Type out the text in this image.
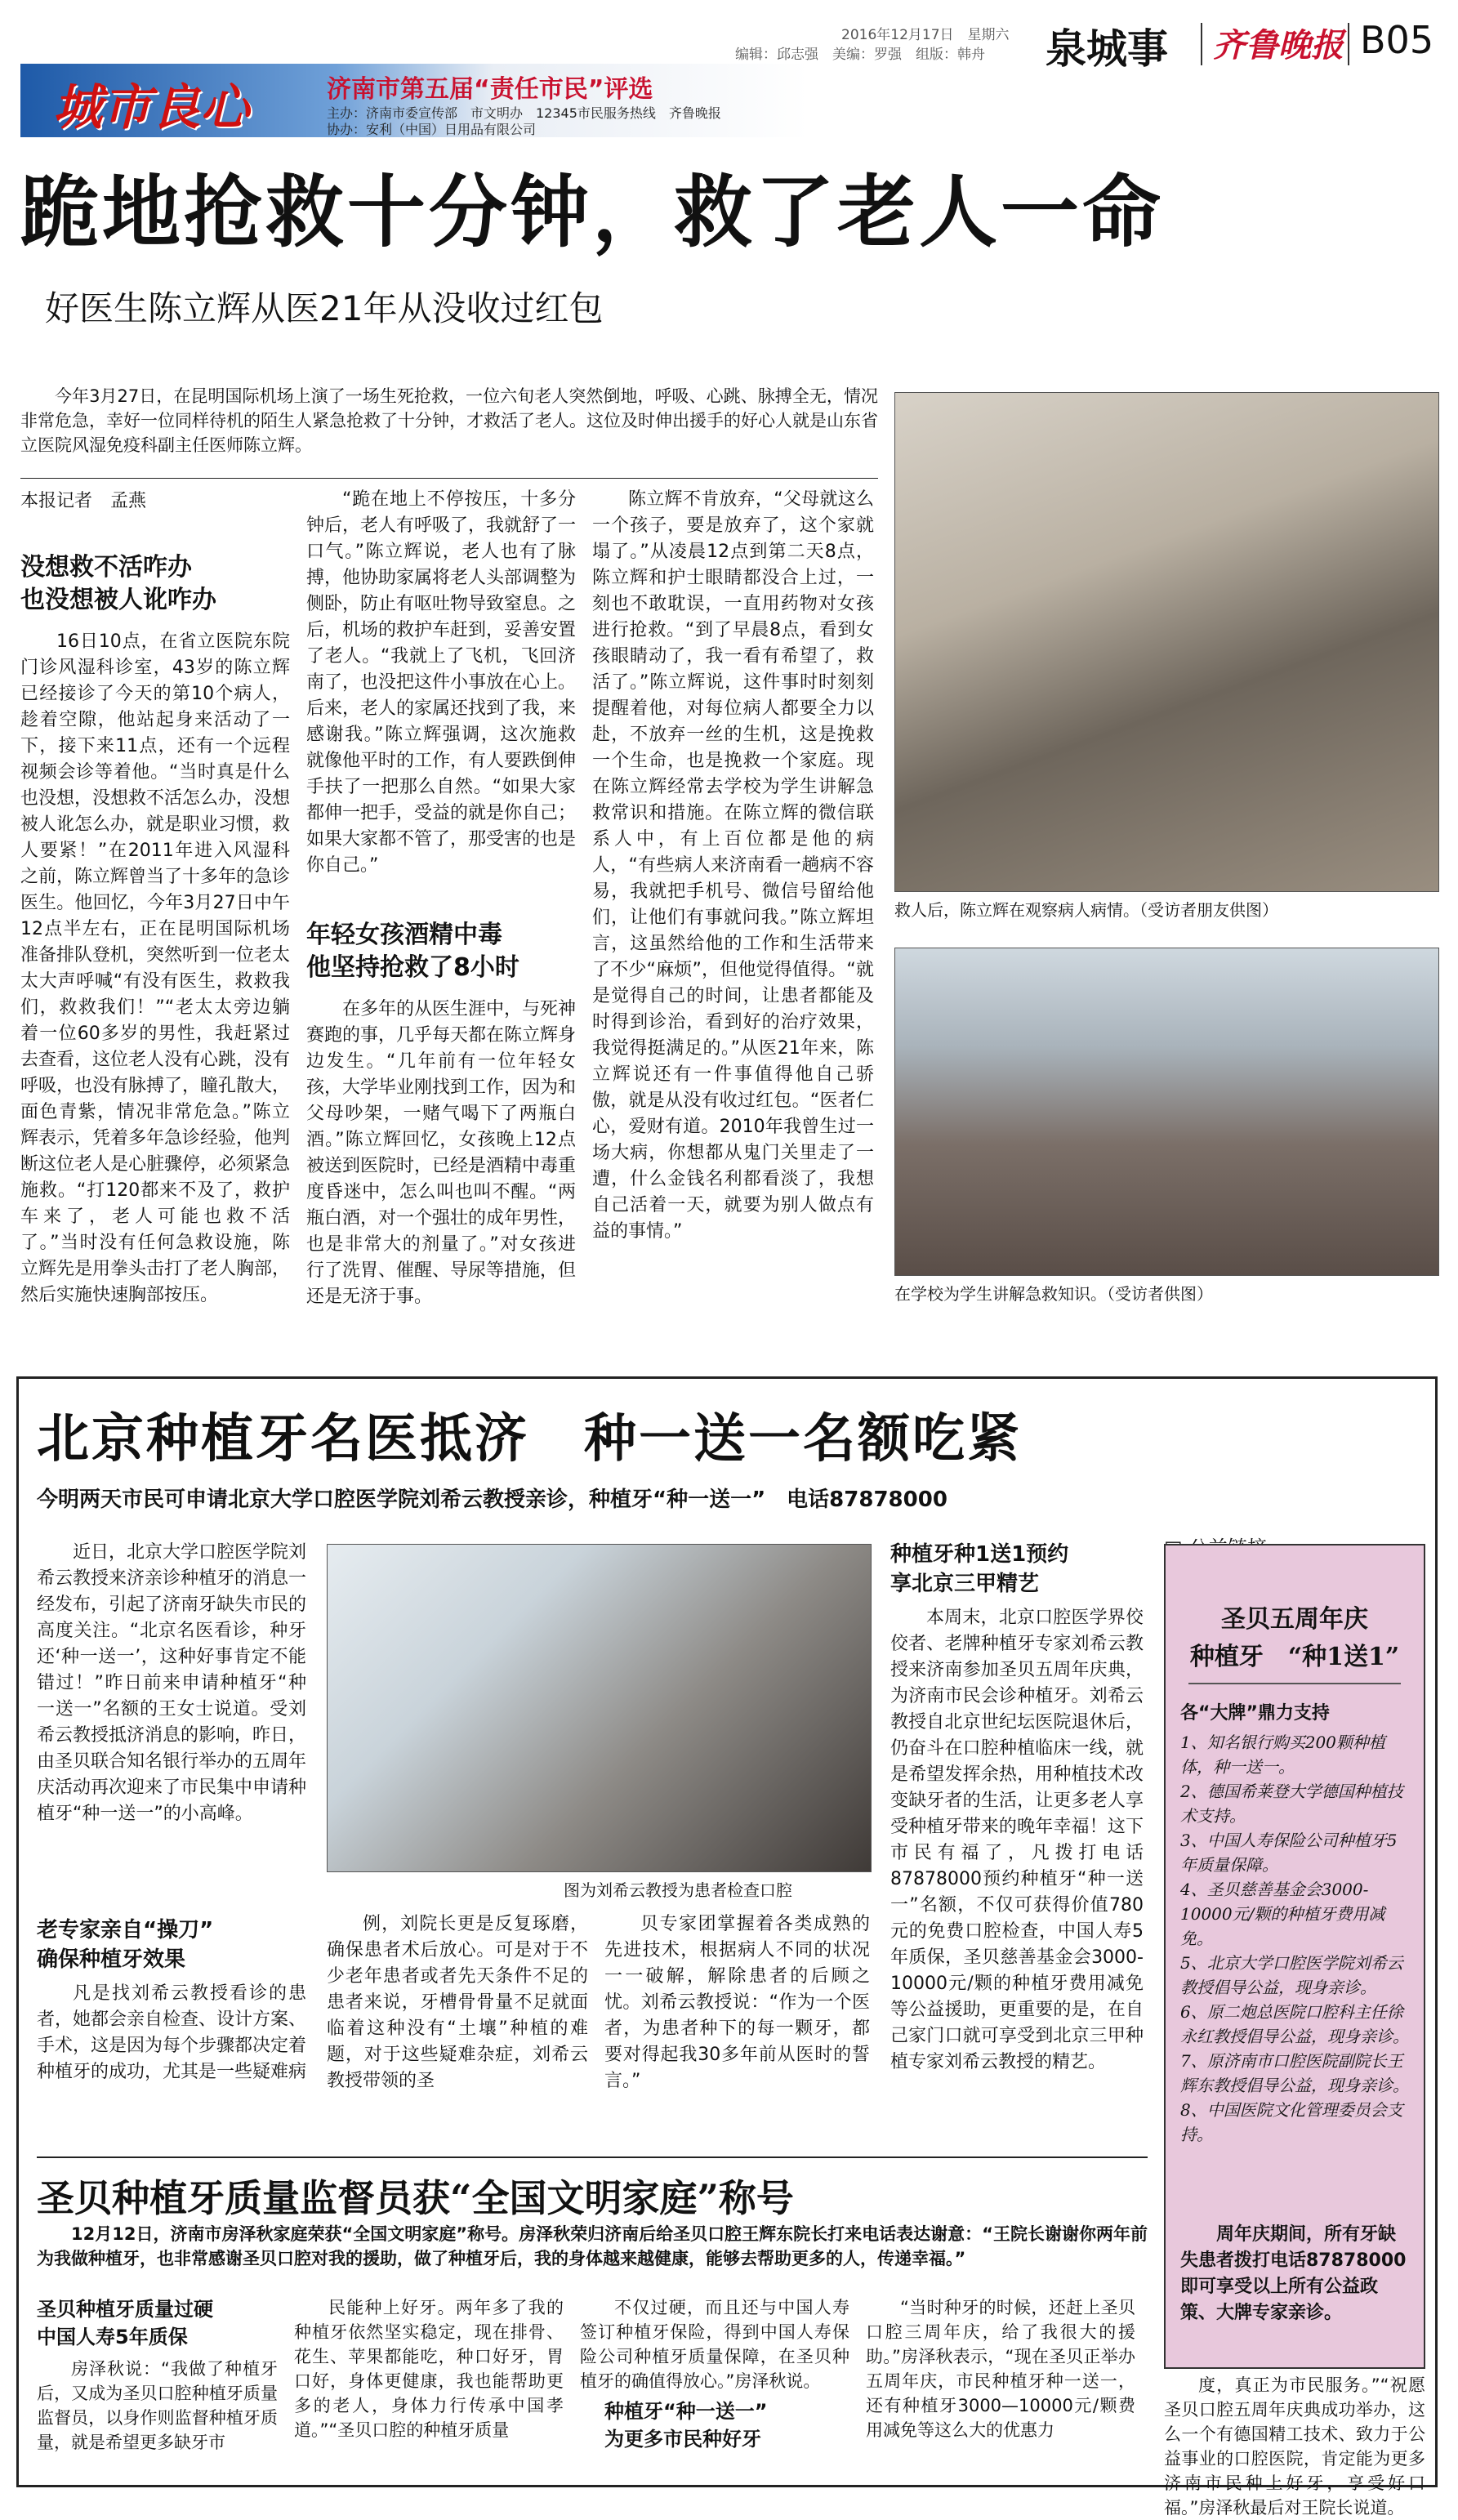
2016年12月17日　星期六
编辑：邱志强　美编：罗强　组版：韩舟	泉城事 齐鲁晚报 B05
城市良心	济南市第五届“责任市民”评选
主办：济南市委宣传部　市文明办　12345市民服务热线　齐鲁晚报
协办：安利（中国）日用品有限公司
跪地抢救十分钟，救了老人一命
好医生陈立辉从医21年从没收过红包

今年3月27日，在昆明国际机场上演了一场生死抢救，一位六旬老人突然倒地，呼吸、心跳、脉搏全无，情况非常危急，幸好一位同样待机的陌生人紧急抢救了十分钟，才救活了老人。这位及时伸出援手的好心人就是山东省立医院风湿免疫科副主任医师陈立辉。

本报记者　孟燕
没想救不活咋办
也没想被人讹咋办

16日10点，在省立医院东院门诊风湿科诊室，43岁的陈立辉已经接诊了今天的第10个病人，趁着空隙，他站起身来活动了一下，接下来11点，还有一个远程视频会诊等着他。“当时真是什么也没想，没想救不活怎么办，没想被人讹怎么办，就是职业习惯，救人要紧！”在2011年进入风湿科之前，陈立辉曾当了十多年的急诊医生。他回忆，今年3月27日中午12点半左右，正在昆明国际机场准备排队登机，突然听到一位老太太大声呼喊“有没有医生，救救我们，救救我们！”“老太太旁边躺着一位60多岁的男性，我赶紧过去查看，这位老人没有心跳，没有呼吸，也没有脉搏了，瞳孔散大，面色青紫，情况非常危急。”陈立辉表示，凭着多年急诊经验，他判断这位老人是心脏骤停，必须紧急施救。“打120都来不及了，救护车来了，老人可能也救不活了。”当时没有任何急救设施，陈立辉先是用拳头击打了老人胸部，然后实施快速胸部按压。

“跪在地上不停按压，十多分钟后，老人有呼吸了，我就舒了一口气。”陈立辉说，老人也有了脉搏，他协助家属将老人头部调整为侧卧，防止有呕吐物导致窒息。之后，机场的救护车赶到，妥善安置了老人。“我就上了飞机，飞回济南了，也没把这件小事放在心上。后来，老人的家属还找到了我，来感谢我。”陈立辉强调，这次施救就像他平时的工作，有人要跌倒伸手扶了一把那么自然。“如果大家都伸一把手，受益的就是你自己；如果大家都不管了，那受害的也是你自己。”

年轻女孩酒精中毒
他坚持抢救了8小时

在多年的从医生涯中，与死神赛跑的事，几乎每天都在陈立辉身边发生。“几年前有一位年轻女孩，大学毕业刚找到工作，因为和父母吵架，一赌气喝下了两瓶白酒。”陈立辉回忆，女孩晚上12点被送到医院时，已经是酒精中毒重度昏迷中，怎么叫也叫不醒。“两瓶白酒，对一个强壮的成年男性，也是非常大的剂量了。”对女孩进行了洗胃、催醒、导尿等措施，但还是无济于事。

陈立辉不肯放弃，“父母就这么一个孩子，要是放弃了，这个家就塌了。”从凌晨12点到第二天8点，陈立辉和护士眼睛都没合上过，一刻也不敢耽误，一直用药物对女孩进行抢救。“到了早晨8点，看到女孩眼睛动了，我一看有希望了，救活了。”陈立辉说，这件事时时刻刻提醒着他，对每位病人都要全力以赴，不放弃一丝的生机，这是挽救一个生命，也是挽救一个家庭。现在陈立辉经常去学校为学生讲解急救常识和措施。在陈立辉的微信联系人中，有上百位都是他的病人，“有些病人来济南看一趟病不容易，我就把手机号、微信号留给他们，让他们有事就问我。”陈立辉坦言，这虽然给他的工作和生活带来了不少“麻烦”，但他觉得值得。“就是觉得自己的时间，让患者都能及时得到诊治，看到好的治疗效果，我觉得挺满足的。”从医21年来，陈立辉说还有一件事值得他自己骄傲，就是从没有收过红包。“医者仁心，爱财有道。2010年我曾生过一场大病，你想都从鬼门关里走了一遭，什么金钱名利都看淡了，我想自己活着一天，就要为别人做点有益的事情。”

救人后，陈立辉在观察病人病情。（受访者朋友供图）
在学校为学生讲解急救知识。（受访者供图）
北京种植牙名医抵济　种一送一名额吃紧
今明两天市民可申请北京大学口腔医学院刘希云教授亲诊，种植牙“种一送一”　电话87878000

近日，北京大学口腔医学院刘希云教授来济亲诊种植牙的消息一经发布，引起了济南牙缺失市民的高度关注。“北京名医看诊，种牙还‘种一送一’，这种好事肯定不能错过！”昨日前来申请种植牙“种一送一”名额的王女士说道。受刘希云教授抵济消息的影响，昨日，由圣贝联合知名银行举办的五周年庆活动再次迎来了市民集中申请种植牙“种一送一”的小高峰。

老专家亲自“操刀”
确保种植牙效果

凡是找刘希云教授看诊的患者，她都会亲自检查、设计方案、手术，这是因为每个步骤都决定着种植牙的成功，尤其是一些疑难病

图为刘希云教授为患者检查口腔

例，刘院长更是反复琢磨，确保患者术后放心。可是对于不少老年患者或者先天条件不足的患者来说，牙槽骨骨量不足就面临着这种没有“土壤”种植的难题，对于这些疑难杂症，刘希云教授带领的圣

贝专家团掌握着各类成熟的先进技术，根据病人不同的状况一一破解，解除患者的后顾之忧。刘希云教授说：“作为一个医者，为患者种下的每一颗牙，都要对得起我30多年前从医时的誓言。”

种植牙种1送1预约
享北京三甲精艺

本周末，北京口腔医学界佼佼者、老牌种植牙专家刘希云教授来济南参加圣贝五周年庆典，为济南市民会诊种植牙。刘希云教授自北京世纪坛医院退休后，仍奋斗在口腔种植临床一线，就是希望发挥余热，用种植技术改变缺牙者的生活，让更多老人享受种植牙带来的晚年幸福！这下市民有福了，凡拨打电话87878000预约种植牙“种一送一”名额，不仅可获得价值780元的免费口腔检查，中国人寿5年质保，圣贝慈善基金会3000-10000元/颗的种植牙费用减免等公益援助，更重要的是，在自己家门口就可享受到北京三甲种植专家刘希云教授的精艺。

圣贝五周年庆
种植牙　“种1送1”
各“大牌”鼎力支持
1、知名银行购买200颗种植体，种一送一。
2、德国希莱登大学德国种植技术支持。
3、中国人寿保险公司种植牙5年质量保障。
4、圣贝慈善基金会3000-10000元/颗的种植牙费用减免。
5、北京大学口腔医学院刘希云教授倡导公益，现身亲诊。
6、原二炮总医院口腔科主任徐永红教授倡导公益，现身亲诊。
7、原济南市口腔医院副院长王辉东教授倡导公益，现身亲诊。
8、中国医院文化管理委员会支持。
周年庆期间，所有牙缺失患者拨打电话87878000即可享受以上所有公益政策、大牌专家亲诊。
圣贝种植牙质量监督员获“全国文明家庭”称号

12月12日，济南市房泽秋家庭荣获“全国文明家庭”称号。房泽秋荣归济南后给圣贝口腔王辉东院长打来电话表达谢意：“王院长谢谢你两年前为我做种植牙，也非常感谢圣贝口腔对我的援助，做了种植牙后，我的身体越来越健康，能够去帮助更多的人，传递幸福。”

圣贝种植牙质量过硬
中国人寿5年质保

房泽秋说：“我做了种植牙后，又成为圣贝口腔种植牙质量监督员，以身作则监督种植牙质量，就是希望更多缺牙市

民能种上好牙。两年多了我的种植牙依然坚实稳定，现在排骨、花生、苹果都能吃，种口好牙，胃口好，身体更健康，我也能帮助更多的老人，身体力行传承中国孝道。”“圣贝口腔的种植牙质量

不仅过硬，而且还与中国人寿签订种植牙保险，得到中国人寿保险公司种植牙质量保障，在圣贝种植牙的确值得放心。”房泽秋说。

种植牙“种一送一”
为更多市民种好牙

“当时种牙的时候，还赶上圣贝口腔三周年庆，给了我很大的援助。”房泽秋表示，“现在圣贝正举办五周年庆，市民种植牙种一送一，还有种植牙3000—10000元/颗费用减免等这么大的优惠力

度，真正为市民服务。”“祝愿圣贝口腔五周年庆典成功举办，这么一个有德国精工技术、致力于公益事业的口腔医院，肯定能为更多济南市民种上好牙，享受好口福。”房泽秋最后对王院长说道。
